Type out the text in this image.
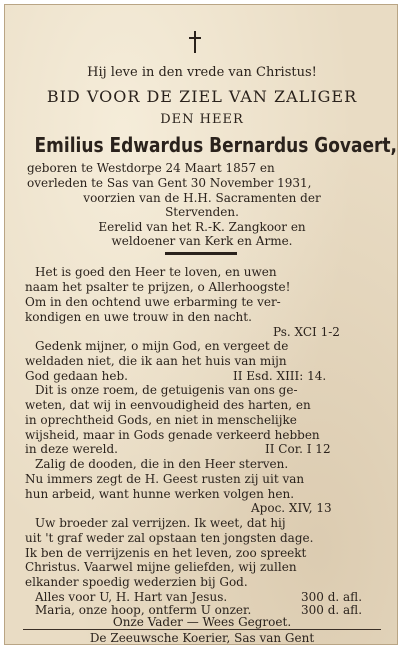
Hij leve in den vrede van Christus!
BID VOOR DE ZIEL VAN ZALIGER
DEN HEER
Emilius Edwardus Bernardus Govaert,
geboren te Westdorpe 24 Maart 1857 en
overleden te Sas van Gent 30 November 1931,
voorzien van de H.H. Sacramenten der
Stervenden.
Eerelid van het R.-K. Zangkoor en
weldoener van Kerk en Arme.
Het is goed den Heer te loven, en uwen
naam het psalter te prijzen, o Allerhoogste!
Om in den ochtend uwe erbarming te ver-
kondigen en uwe trouw in den nacht.
Ps. XCI 1-2
Gedenk mijner, o mijn God, en vergeet de
weldaden niet, die ik aan het huis van mijn
God gedaan heb.	II Esd. XIII: 14.
Dit is onze roem, de getuigenis van ons ge-
weten, dat wij in eenvoudigheid des harten, en
in oprechtheid Gods, en niet in menschelijke
wijsheid, maar in Gods genade verkeerd hebben
in deze wereld.	II Cor. I 12
Zalig de dooden, die in den Heer sterven.
Nu immers zegt de H. Geest rusten zij uit van
hun arbeid, want hunne werken volgen hen.
Apoc. XIV, 13
Uw broeder zal verrijzen. Ik weet, dat hij
uit 't graf weder zal opstaan ten jongsten dage.
Ik ben de verrijzenis en het leven, zoo spreekt
Christus. Vaarwel mijne geliefden, wij zullen
elkander spoedig wederzien bij God.
Alles voor U, H. Hart van Jesus.	300 d. afl.
Maria, onze hoop, ontferm U onzer.	300 d. afl.
Onze Vader — Wees Gegroet.
De Zeeuwsche Koerier, Sas van Gent
